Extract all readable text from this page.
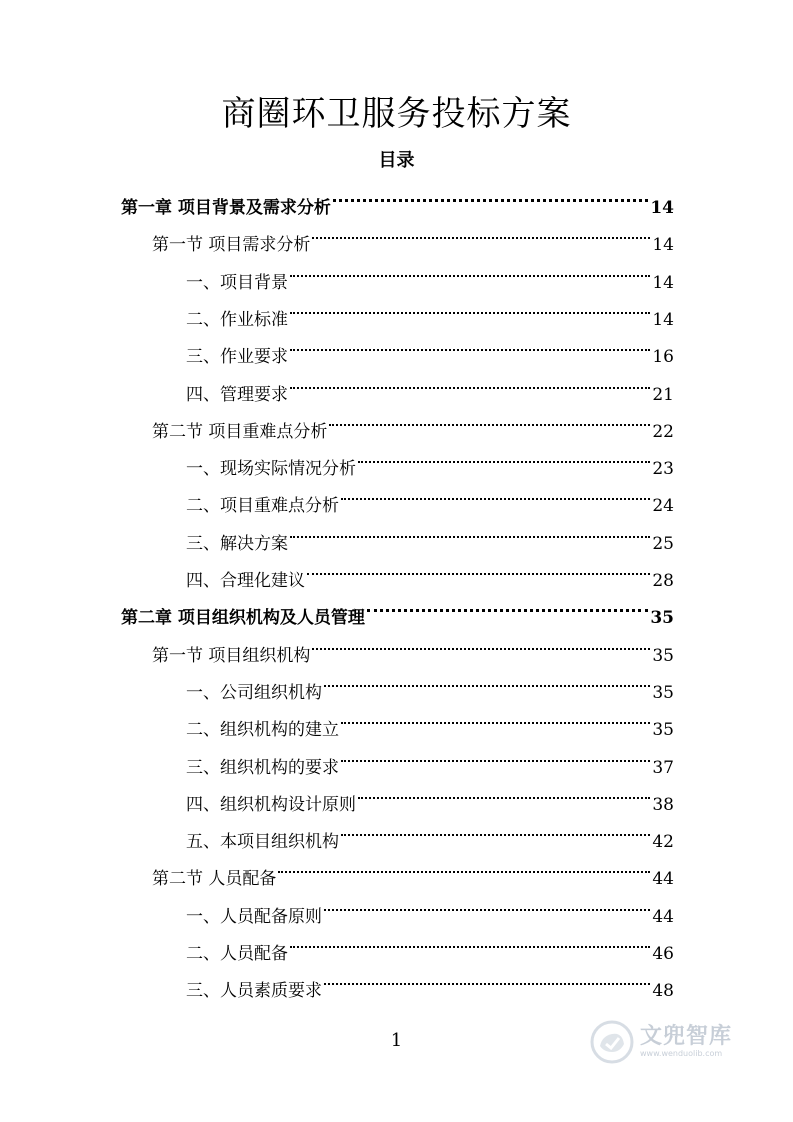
商圈环卫服务投标方案
目录
第一章 项目背景及需求分析	14
第一节 项目需求分析	14
一、项目背景	14
二、作业标准	14
三、作业要求	16
四、管理要求	21
第二节 项目重难点分析	22
一、现场实际情况分析	23
二、项目重难点分析	24
三、解决方案	25
四、合理化建议	28
第二章 项目组织机构及人员管理	35
第一节 项目组织机构	35
一、公司组织机构	35
二、组织机构的建立	35
三、组织机构的要求	37
四、组织机构设计原则	38
五、本项目组织机构	42
第二节 人员配备	44
一、人员配备原则	44
二、人员配备	46
三、人员素质要求	48
1	文兜智库
www.wenduolib.com
